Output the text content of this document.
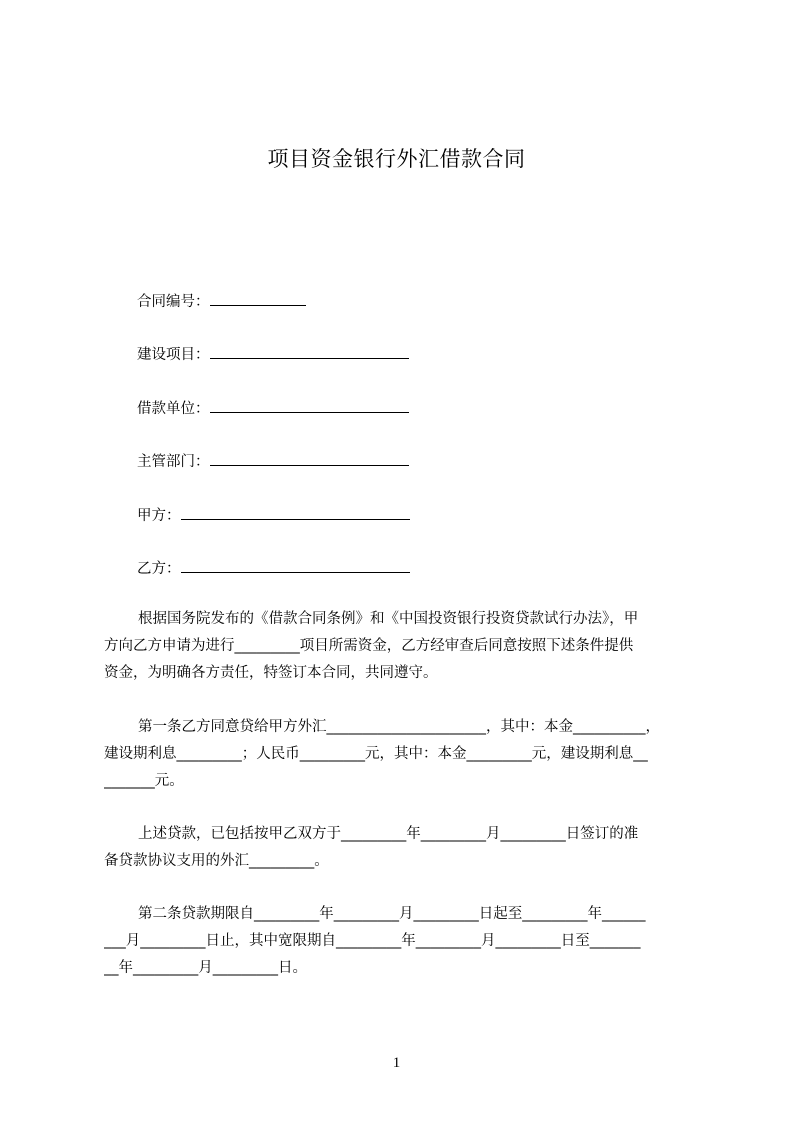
项目资金银行外汇借款合同
合同编号：
建设项目：
借款单位：
主管部门：
甲方：
乙方：
根据国务院发布的《借款合同条例》和《中国投资银行投资贷款试行办法》，甲
方向乙方申请为进行_________项目所需资金，乙方经审查后同意按照下述条件提供
资金，为明确各方责任，特签订本合同，共同遵守。
第一条乙方同意贷给甲方外汇______________________，其中：本金__________，
建设期利息_________；人民币_________元，其中：本金_________元，建设期利息__
_______元。
上述贷款，已包括按甲乙双方于_________年_________月_________日签订的准
备贷款协议支用的外汇_________。
第二条贷款期限自_________年_________月_________日起至_________年______
___月_________日止，其中宽限期自_________年_________月_________日至_______
__年_________月_________日。
1
